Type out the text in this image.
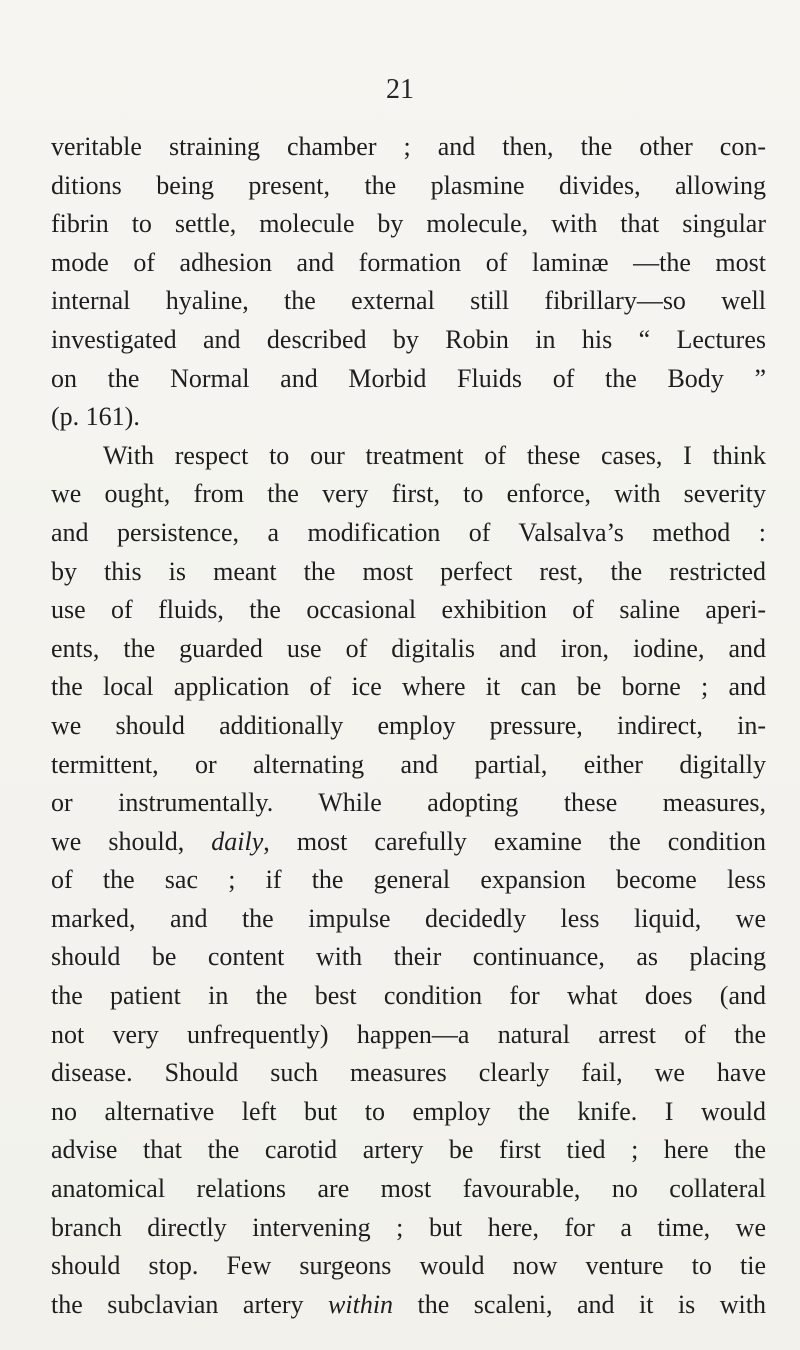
21
veritable straining chamber ; and then, the other con-
ditions being present, the plasmine divides, allowing
fibrin to settle, molecule by molecule, with that singular
mode of adhesion and formation of laminæ —the most
internal hyaline, the external still fibrillary—so well
investigated and described by Robin in his “ Lectures
on the Normal and Morbid Fluids of the Body ”
(p. 161).
With respect to our treatment of these cases, I think
we ought, from the very first, to enforce, with severity
and persistence, a modification of Valsalva’s method :
by this is meant the most perfect rest, the restricted
use of fluids, the occasional exhibition of saline aperi-
ents, the guarded use of digitalis and iron, iodine, and
the local application of ice where it can be borne ; and
we should additionally employ pressure, indirect, in-
termittent, or alternating and partial, either digitally
or instrumentally. While adopting these measures,
we should, daily, most carefully examine the condition
of the sac ; if the general expansion become less
marked, and the impulse decidedly less liquid, we
should be content with their continuance, as placing
the patient in the best condition for what does (and
not very unfrequently) happen—a natural arrest of the
disease. Should such measures clearly fail, we have
no alternative left but to employ the knife. I would
advise that the carotid artery be first tied ; here the
anatomical relations are most favourable, no collateral
branch directly intervening ; but here, for a time, we
should stop. Few surgeons would now venture to tie
the subclavian artery within the scaleni, and it is with
